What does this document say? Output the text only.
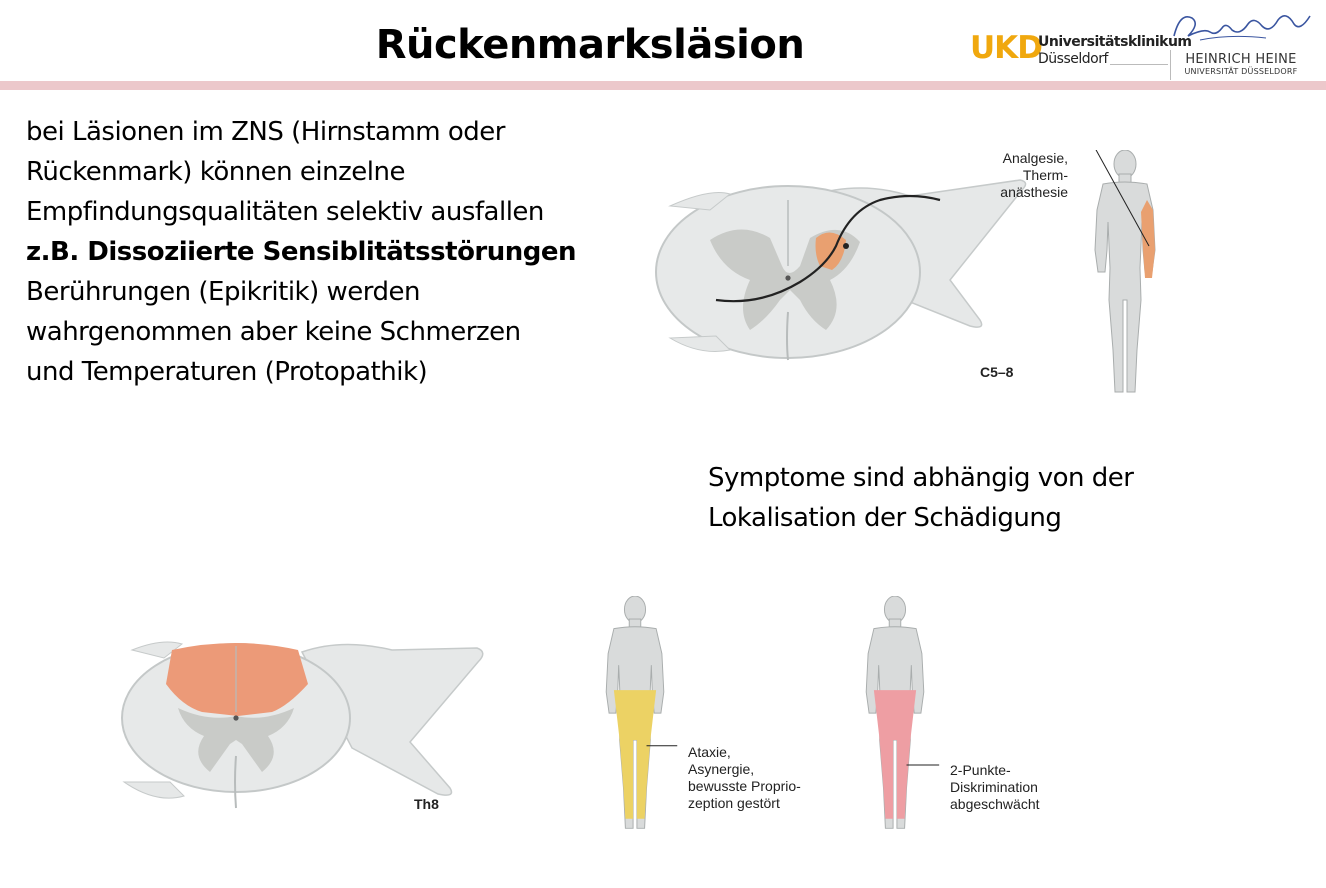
Rückenmarksläsion	UKD
Universitätsklinikum
Düsseldorf	HEINRICH HEINE
UNIVERSITÄT DÜSSELDORF
bei Läsionen im ZNS (Hirnstamm oder
Rückenmark) können einzelne
Empfindungsqualitäten selektiv ausfallen
z.B. Dissoziierte Sensiblitätsstörungen
Berührungen (Epikritik) werden
wahrgenommen aber keine Schmerzen
und Temperaturen (Protopathik)
Symptome sind abhängig von der
Lokalisation der Schädigung
C5–8
Analgesie,
Therm-
anästhesie
Th8
Ataxie,
Asynergie,
bewusste Proprio-
zeption gestört
2-Punkte-
Diskrimination
abgeschwächt
